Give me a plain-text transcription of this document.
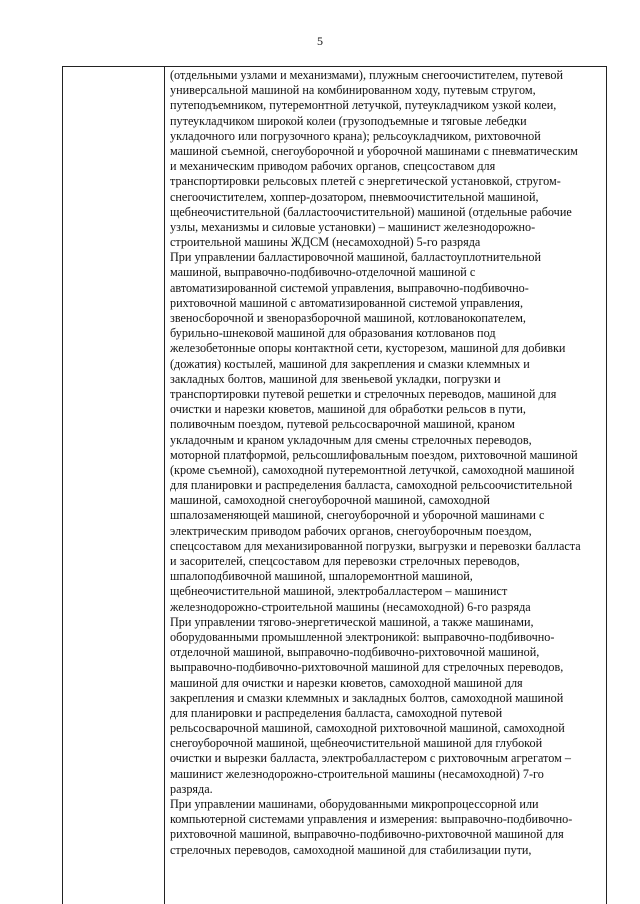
5
(отдельными узлами и механизмами), плужным снегоочистителем, путевой
универсальной машиной на комбинированном ходу, путевым стругом,
путеподъемником, путеремонтной летучкой, путеукладчиком узкой колеи,
путеукладчиком широкой колеи (грузоподъемные и тяговые лебедки
укладочного или погрузочного крана); рельсоукладчиком, рихтовочной
машиной съемной, снегоуборочной и уборочной машинами с пневматическим
и механическим приводом рабочих органов, спецсоставом для
транспортировки рельсовых плетей с энергетической установкой, стругом-
снегоочистителем, хоппер-дозатором, пневмоочистительной машиной,
щебнеочистительной (балластоочистительной) машиной (отдельные рабочие
узлы, механизмы и силовые установки) – машинист железнодорожно-
строительной машины ЖДСМ (несамоходной) 5-го разряда
При управлении балластировочной машиной, балластоуплотнительной
машиной, выправочно-подбивочно-отделочной машиной с
автоматизированной системой управления, выправочно-подбивочно-
рихтовочной машиной с автоматизированной системой управления,
звеносборочной и звеноразборочной машиной, котлованокопателем,
бурильно-шнековой машиной для образования котлованов под
железобетонные опоры контактной сети, кусторезом, машиной для добивки
(дожатия) костылей, машиной для закрепления и смазки клеммных и
закладных болтов, машиной для звеньевой укладки, погрузки и
транспортировки путевой решетки и стрелочных переводов, машиной для
очистки и нарезки кюветов, машиной для обработки рельсов в пути,
поливочным поездом, путевой рельсосварочной машиной, краном
укладочным и краном укладочным для смены стрелочных переводов,
моторной платформой, рельсошлифовальным поездом, рихтовочной машиной
(кроме съемной), самоходной путеремонтной летучкой, самоходной машиной
для планировки и распределения балласта, самоходной рельсоочистительной
машиной, самоходной снегоуборочной машиной, самоходной
шпалозаменяющей машиной, снегоуборочной и уборочной машинами с
электрическим приводом рабочих органов, снегоуборочным поездом,
спецсоставом для механизированной погрузки, выгрузки и перевозки балласта
и засорителей, спецсоставом для перевозки стрелочных переводов,
шпалоподбивочной машиной, шпалоремонтной машиной,
щебнеочистительной машиной, электробалластером – машинист
железнодорожно-строительной машины (несамоходной) 6-го разряда
При управлении тягово-энергетической машиной, а также машинами,
оборудованными промышленной электроникой: выправочно-подбивочно-
отделочной машиной, выправочно-подбивочно-рихтовочной машиной,
выправочно-подбивочно-рихтовочной машиной для стрелочных переводов,
машиной для очистки и нарезки кюветов, самоходной машиной для
закрепления и смазки клеммных и закладных болтов, самоходной машиной
для планировки и распределения балласта, самоходной путевой
рельсосварочной машиной, самоходной рихтовочной машиной, самоходной
снегоуборочной машиной, щебнеочистительной машиной для глубокой
очистки и вырезки балласта, электробалластером с рихтовочным агрегатом –
машинист железнодорожно-строительной машины (несамоходной) 7-го
разряда.
При управлении машинами, оборудованными микропроцессорной или
компьютерной системами управления и измерения: выправочно-подбивочно-
рихтовочной машиной, выправочно-подбивочно-рихтовочной машиной для
стрелочных переводов, самоходной машиной для стабилизации пути,
